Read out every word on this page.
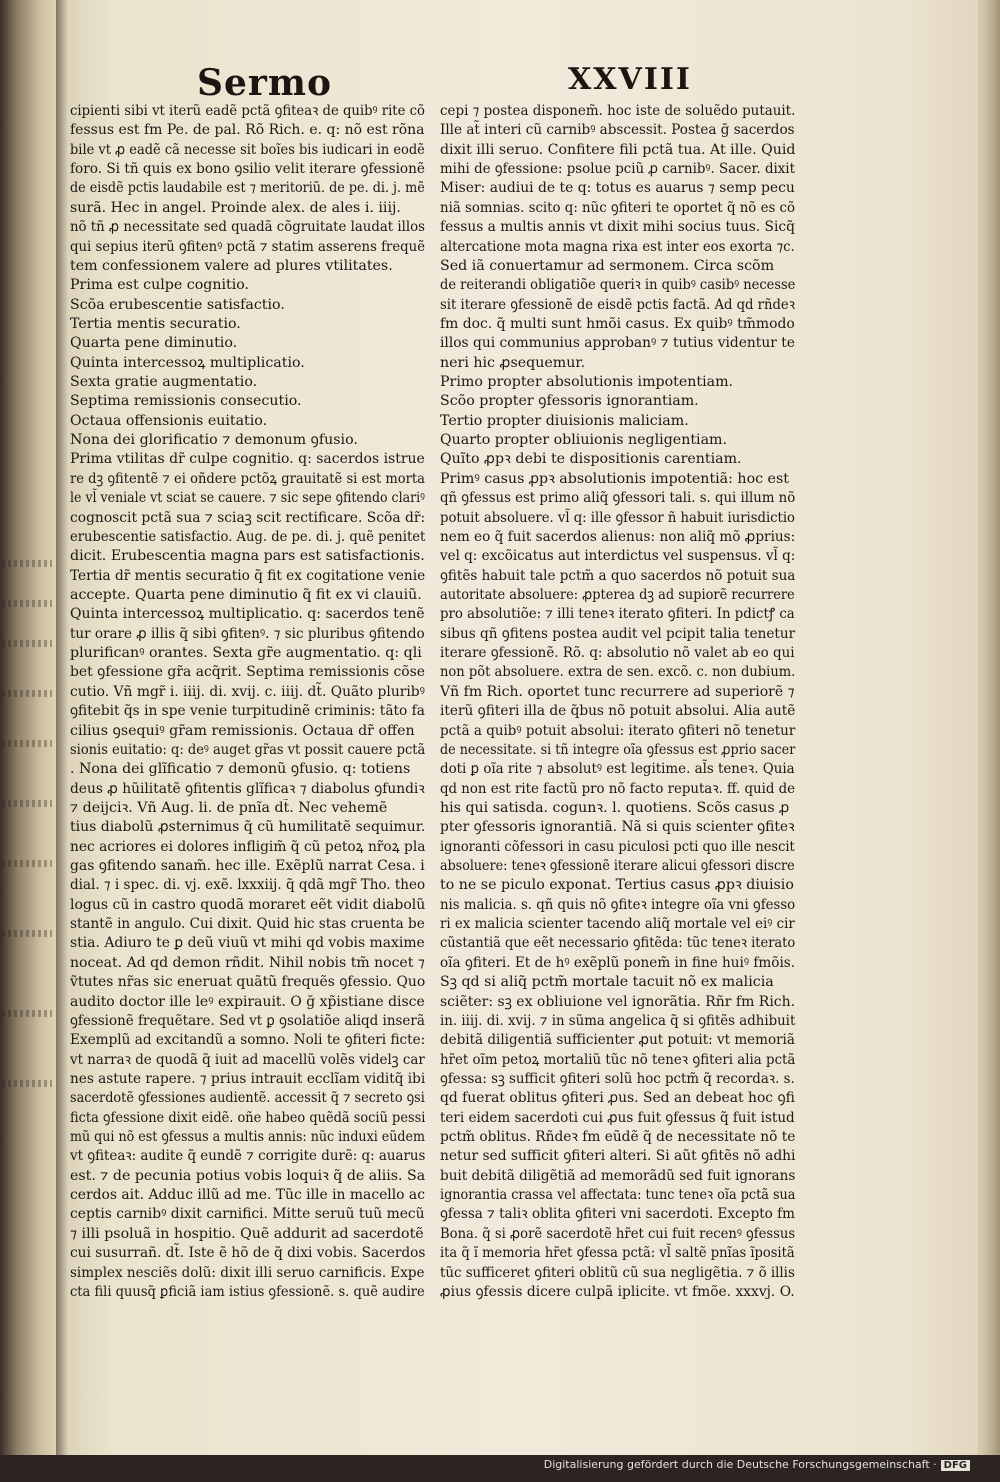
Sermo	XXVIII
cipienti sibi vt iterũ eadẽ pctã ꝯfiteaꝛ de quibꝰ rite cõ
fessus est fm Pe. de pal. Rõ Rich. e. q: nõ est rõna
bile vt ꝓ eadẽ cã necesse sit boĩes bis iudicari in eodẽ
foro. Si tñ quis ex bono ꝯsilio velit iterare ꝯfessionẽ
de eisdẽ pctis laudabile est ⁊ meritoriũ. de pe. di. j. mẽ
surã. Hec in angel. Proinde alex. de ales i. iiij.
nõ tñ ꝓ necessitate sed quadã cõgruitate laudat illos
qui sepius iterũ ꝯfitenꝰ pctã ⁊ statim asserens frequẽ
tem confessionem valere ad plures vtilitates.
Prima est culpe cognitio.
Scõa erubescentie satisfactio.
Tertia mentis securatio.
Quarta pene diminutio.
Quinta intercessoꝝ multiplicatio.
Sexta gratie augmentatio.
Septima remissionis consecutio.
Octaua offensionis euitatio.
Nona dei glorificatio ⁊ demonum ꝯfusio.
Prima vtilitas dr̃ culpe cognitio. q: sacerdos istrue
re dꝫ ꝯfitentẽ ⁊ ei oñdere pctõꝝ grauitatẽ si est morta
le vl̃ veniale vt sciat se cauere. ⁊ sic sepe ꝯfitendo clariꝰ
cognoscit pctã sua ⁊ sciaꝫ scit rectificare. Scõa dr̃:
erubescentie satisfactio. Aug. de pe. di. j. quẽ penitet
dicit. Erubescentia magna pars est satisfactionis.
Tertia dr̃ mentis securatio q̃ fit ex cogitatione venie
accepte. Quarta pene diminutio q̃ fit ex vi clauiũ.
Quinta intercessoꝝ multiplicatio. q: sacerdos tenẽ
tur orare ꝓ illis q̃ sibi ꝯfitenꝰ. ⁊ sic pluribus ꝯfitendo
plurificanꝰ orantes. Sexta gr̃e augmentatio. q: qli
bet ꝯfessione gr̃a acq̃rit. Septima remissionis cõse
cutio. Vñ mgr̃ i. iiij. di. xvij. c. iiij. dt̃. Quãto pluribꝰ
ꝯfitebit q̃s in spe venie turpitudinẽ criminis: tãto fa
cilius ꝯsequiꝰ gr̃am remissionis. Octaua dr̃ offen
sionis euitatio: q: deꝰ auget gr̃as vt possit cauere pctã
. Nona dei glĩficatio ⁊ demonũ ꝯfusio. q: totiens
deus ꝓ hũilitatẽ ꝯfitentis glĩficaꝛ ⁊ diabolus ꝯfundiꝛ
⁊ deijciꝛ. Vñ Aug. li. de pnĩa dt̃. Nec vehemẽ
tius diabolũ ꝓsternimus q̃ cũ humilitatẽ sequimur.
nec acriores ei dolores infligim̃ q̃ cũ petoꝝ nr̃oꝝ pla
gas ꝯfitendo sanam̃. hec ille. Exẽplũ narrat Cesa. i
dial. ⁊ i spec. di. vj. exẽ. lxxxiij. q̃ qdã mgr̃ Tho. theo
logus cũ in castro quodã moraret eẽt vidit diabolũ
stantẽ in angulo. Cui dixit. Quid hic stas cruenta be
stia. Adiuro te ꝑ deũ viuũ vt mihi qd vobis maxime
noceat. Ad qd demon rñdit. Nihil nobis tm̃ nocet ⁊
ṽtutes nr̃as sic eneruat quãtũ frequẽs ꝯfessio. Quo
audito doctor ille leꝰ expirauit. O ḡ xp̃istiane disce
ꝯfessionẽ frequẽtare. Sed vt ꝑ ꝯsolatiõe aliqd inserã
Exemplũ ad excitandũ a somno. Noli te ꝯfiteri ficte:
vt narraꝛ de quodã q̃ iuit ad macellũ volẽs videlꝫ car
nes astute rapere. ⁊ prius intrauit ecclĩam viditq̃ ibi
sacerdotẽ ꝯfessiones audientẽ. accessit q̃ ⁊ secreto ꝯsi
ficta ꝯfessione dixit eidẽ. oñe habeo quẽdã sociũ pessi
mũ qui nõ est ꝯfessus a multis annis: nũc induxi eũdem
vt ꝯfiteaꝛ: audite q̃ eundẽ ⁊ corrigite durẽ: q: auarus
est. ⁊ de pecunia potius vobis loquiꝛ q̃ de aliis. Sa
cerdos ait. Adduc illũ ad me. Tũc ille in macello ac
ceptis carnibꝰ dixit carnifici. Mitte seruũ tuũ mecũ
⁊ illi psoluã in hospitio. Quẽ addurit ad sacerdotẽ
cui susurrañ. dt̃. Iste ẽ hõ de q̃ dixi vobis. Sacerdos
simplex nesciẽs dolũ: dixit illi seruo carnificis. Expe
cta fili quusq̃ ꝑficiã iam istius ꝯfessionẽ. s. quẽ audire
cepi ⁊ postea disponem̃. hoc iste de soluẽdo putauit.
Ille at̃ interi cũ carnibꝰ abscessit. Postea ḡ sacerdos
dixit illi seruo. Confitere fili pctã tua. At ille. Quid
mihi de ꝯfessione: psolue pciũ ꝓ carnibꝰ. Sacer. dixit
Miser: audiui de te q: totus es auarus ⁊ semp pecu
niã somnias. scito q: nũc ꝯfiteri te oportet q̃ nõ es cõ
fessus a multis annis vt dixit mihi socius tuus. Sicq̃
altercatione mota magna rixa est inter eos exorta ⁊c.
Sed iã conuertamur ad sermonem. Circa scõm
de reiterandi obligatiõe queriꝛ in quibꝰ casibꝰ necesse
sit iterare ꝯfessionẽ de eisdẽ pctis factã. Ad qd rñdeꝛ
fm doc. q̃ multi sunt hmõi casus. Ex quibꝰ tm̃modo
illos qui communius approbanꝰ ⁊ tutius videntur te
neri hic ꝓsequemur.
Primo propter absolutionis impotentiam.
Scõo propter ꝯfessoris ignorantiam.
Tertio propter diuisionis maliciam.
Quarto propter obliuionis negligentiam.
Quĩto ꝓpꝛ debi te dispositionis carentiam.
Primꝰ casus ꝓpꝛ absolutionis impotentiã: hoc est
qñ ꝯfessus est primo aliq̃ ꝯfessori tali. s. qui illum nõ
potuit absoluere. vl̃ q: ille ꝯfessor ñ habuit iurisdictio
nem eo q̃ fuit sacerdos alienus: non aliq̃ mõ ꝓprius:
vel q: excõicatus aut interdictus vel suspensus. vl̃ q:
ꝯfitẽs habuit tale pctm̃ a quo sacerdos nõ potuit sua
autoritate absoluere: ꝓpterea dꝫ ad supiorẽ recurrere
pro absolutiõe: ⁊ illi teneꝛ iterato ꝯfiteri. In pdictꝭ ca
sibus qñ ꝯfitens postea audit vel pcipit talia tenetur
iterare ꝯfessionẽ. Rõ. q: absolutio nõ valet ab eo qui
non põt absoluere. extra de sen. excõ. c. non dubium.
Vñ fm Rich. oportet tunc recurrere ad superiorẽ ⁊
iterũ ꝯfiteri illa de q̃bus nõ potuit absolui. Alia autẽ
pctã a quibꝰ potuit absolui: iterato ꝯfiteri nõ tenetur
de necessitate. si tñ integre oĩa ꝯfessus est ꝓprio sacer
doti ꝑ oĩa rite ⁊ absolutꝰ est legitime. al̃s teneꝛ. Quia
qd non est rite factũ pro nõ facto reputaꝛ. ff. quid de
his qui satisda. cogunꝛ. l. quotiens. Scõs casus ꝓ
pter ꝯfessoris ignorantiã. Nã si quis scienter ꝯfiteꝛ
ignoranti cõfessori in casu piculosi pcti quo ille nescit
absoluere: teneꝛ ꝯfessionẽ iterare alicui ꝯfessori discre
to ne se piculo exponat. Tertius casus ꝓpꝛ diuisio
nis malicia. s. qñ quis nõ ꝯfiteꝛ integre oĩa vni ꝯfesso
ri ex malicia scienter tacendo aliq̃ mortale vel eiꝰ cir
cũstantiã que eẽt necessario ꝯfitẽda: tũc teneꝛ iterato
oĩa ꝯfiteri. Et de hꝰ exẽplũ ponem̃ in fine huiꝰ fmõis.
Sꝫ qd si aliq̃ pctm̃ mortale tacuit nõ ex malicia
sciẽter: sꝫ ex obliuione vel ignorãtia. Rñr fm Rich.
in. iiij. di. xvij. ⁊ in sũma angelica q̃ si ꝯfitẽs adhibuit
debitã diligentiã sufficienter ꝓut potuit: vt memoriã
hr̃et oĩm petoꝝ mortaliũ tũc nõ teneꝛ ꝯfiteri alia pctã
ꝯfessa: sꝫ sufficit ꝯfiteri solũ hoc pctm̃ q̃ recordaꝛ. s.
qd fuerat oblitus ꝯfiteri ꝓus. Sed an debeat hoc ꝯfi
teri eidem sacerdoti cui ꝓus fuit ꝯfessus q̃ fuit istud
pctm̃ oblitus. Rñdeꝛ fm eũdẽ q̃ de necessitate nõ te
netur sed sufficit ꝯfiteri alteri. Si aũt ꝯfitẽs nõ adhi
buit debitã diligẽtiã ad memorãdũ sed fuit ignorans
ignorantia crassa vel affectata: tunc teneꝛ oĩa pctã sua
ꝯfessa ⁊ taliꝛ oblita ꝯfiteri vni sacerdoti. Excepto fm
Bona. q̃ si ꝓorẽ sacerdotẽ hr̃et cui fuit recenꝰ ꝯfessus
ita q̃ ĩ memoria hr̃et ꝯfessa pctã: vl̃ saltẽ pnĩas ĩpositã
tũc sufficeret ꝯfiteri oblitũ cũ sua negligẽtia. ⁊ õ illis
ꝓius ꝯfessis dicere culpã iplicite. vt fmõe. xxxvj. O.
Digitalisierung gefördert durch die Deutsche Forschungsgemeinschaft · DFG
